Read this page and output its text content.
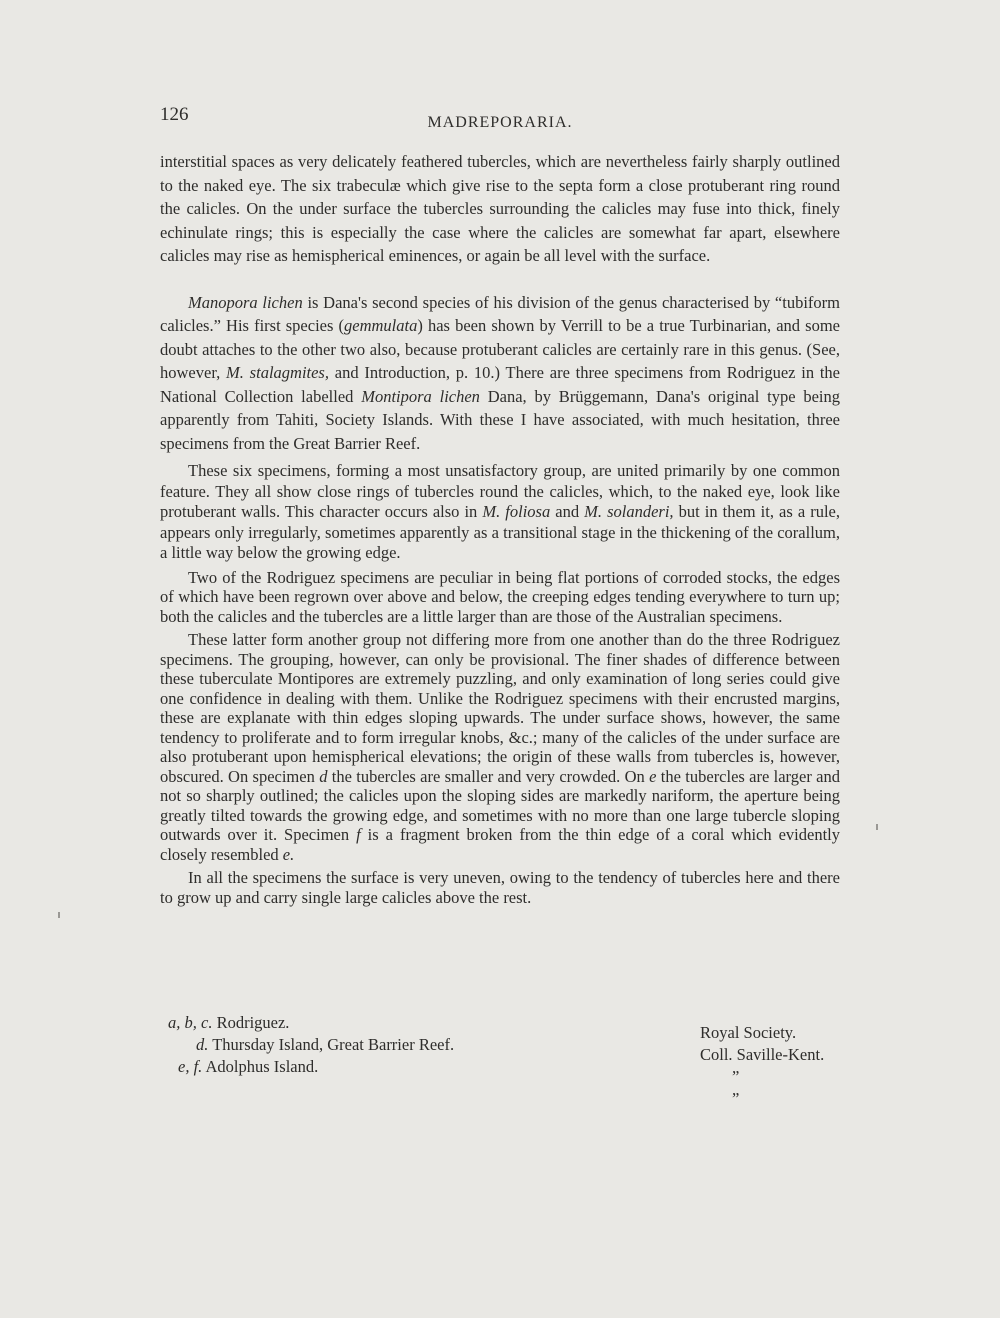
126	MADREPORARIA.

interstitial spaces as very delicately feathered tubercles, which are nevertheless fairly sharply outlined to the naked eye. The six trabeculæ which give rise to the septa form a close protuberant ring round the calicles. On the under surface the tubercles surrounding the calicles may fuse into thick, finely echinulate rings; this is especially the case where the calicles are somewhat far apart, elsewhere calicles may rise as hemispherical eminences, or again be all level with the surface.

Manopora lichen is Dana's second species of his division of the genus characterised by “tubiform calicles.” His first species (gemmulata) has been shown by Verrill to be a true Turbinarian, and some doubt attaches to the other two also, because protuberant calicles are certainly rare in this genus. (See, however, M. stalagmites, and Introduction, p. 10.) There are three specimens from Rodriguez in the National Collection labelled Montipora lichen Dana, by Brüggemann, Dana's original type being apparently from Tahiti, Society Islands. With these I have associated, with much hesitation, three specimens from the Great Barrier Reef.

These six specimens, forming a most unsatisfactory group, are united primarily by one common feature. They all show close rings of tubercles round the calicles, which, to the naked eye, look like protuberant walls. This character occurs also in M. foliosa and M. solanderi, but in them it, as a rule, appears only irregularly, sometimes apparently as a transitional stage in the thickening of the corallum, a little way below the growing edge.

Two of the Rodriguez specimens are peculiar in being flat portions of corroded stocks, the edges of which have been regrown over above and below, the creeping edges tending everywhere to turn up; both the calicles and the tubercles are a little larger than are those of the Australian specimens.

These latter form another group not differing more from one another than do the three Rodriguez specimens. The grouping, however, can only be provisional. The finer shades of difference between these tuberculate Montipores are extremely puzzling, and only examination of long series could give one confidence in dealing with them. Unlike the Rodriguez specimens with their encrusted margins, these are explanate with thin edges sloping upwards. The under surface shows, however, the same tendency to proliferate and to form irregular knobs, &c.; many of the calicles of the under surface are also protuberant upon hemispherical elevations; the origin of these walls from tubercles is, however, obscured. On specimen d the tubercles are smaller and very crowded. On e the tubercles are larger and not so sharply outlined; the calicles upon the sloping sides are markedly nariform, the aperture being greatly tilted towards the growing edge, and sometimes with no more than one large tubercle sloping outwards over it. Specimen f is a fragment broken from the thin edge of a coral which evidently closely resembled e.

In all the specimens the surface is very uneven, owing to the tendency of tubercles here and there to grow up and carry single large calicles above the rest.

a, b, c. Rodriguez.
d. Thursday Island, Great Barrier Reef.
e, f. Adolphus Island.
Royal Society.
Coll. Saville-Kent.
” ”
